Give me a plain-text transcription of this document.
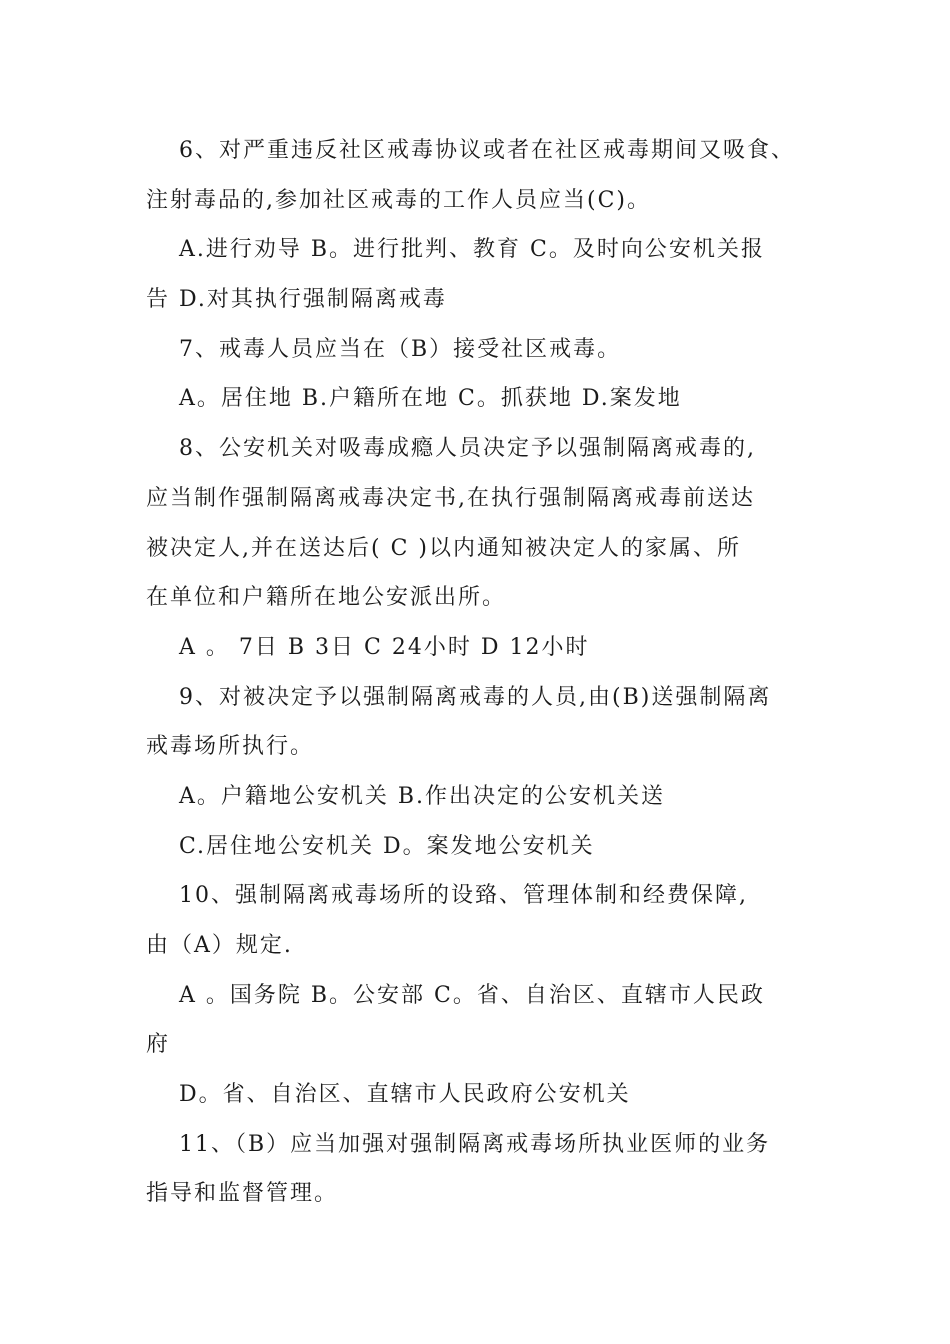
6、对严重违反社区戒毒协议或者在社区戒毒期间又吸食、
注射毒品的,参加社区戒毒的工作人员应当(C)。
A.进行劝导 B。进行批判、教育 C。及时向公安机关报
告 D.对其执行强制隔离戒毒
7、戒毒人员应当在（B）接受社区戒毒。
A。居住地 B.户籍所在地 C。抓获地 D.案发地
8、公安机关对吸毒成瘾人员决定予以强制隔离戒毒的,
应当制作强制隔离戒毒决定书,在执行强制隔离戒毒前送达
被决定人,并在送达后( C )以内通知被决定人的家属、所
在单位和户籍所在地公安派出所。
A 。 7日 B 3日 C 24小时 D 12小时
9、对被决定予以强制隔离戒毒的人员,由(B)送强制隔离
戒毒场所执行。
A。户籍地公安机关 B.作出决定的公安机关送
C.居住地公安机关 D。案发地公安机关
10、强制隔离戒毒场所的设臵、管理体制和经费保障,
由（A）规定.
A 。国务院 B。公安部 C。省、自治区、直辖市人民政
府
D。省、自治区、直辖市人民政府公安机关
11、（B）应当加强对强制隔离戒毒场所执业医师的业务
指导和监督管理。
